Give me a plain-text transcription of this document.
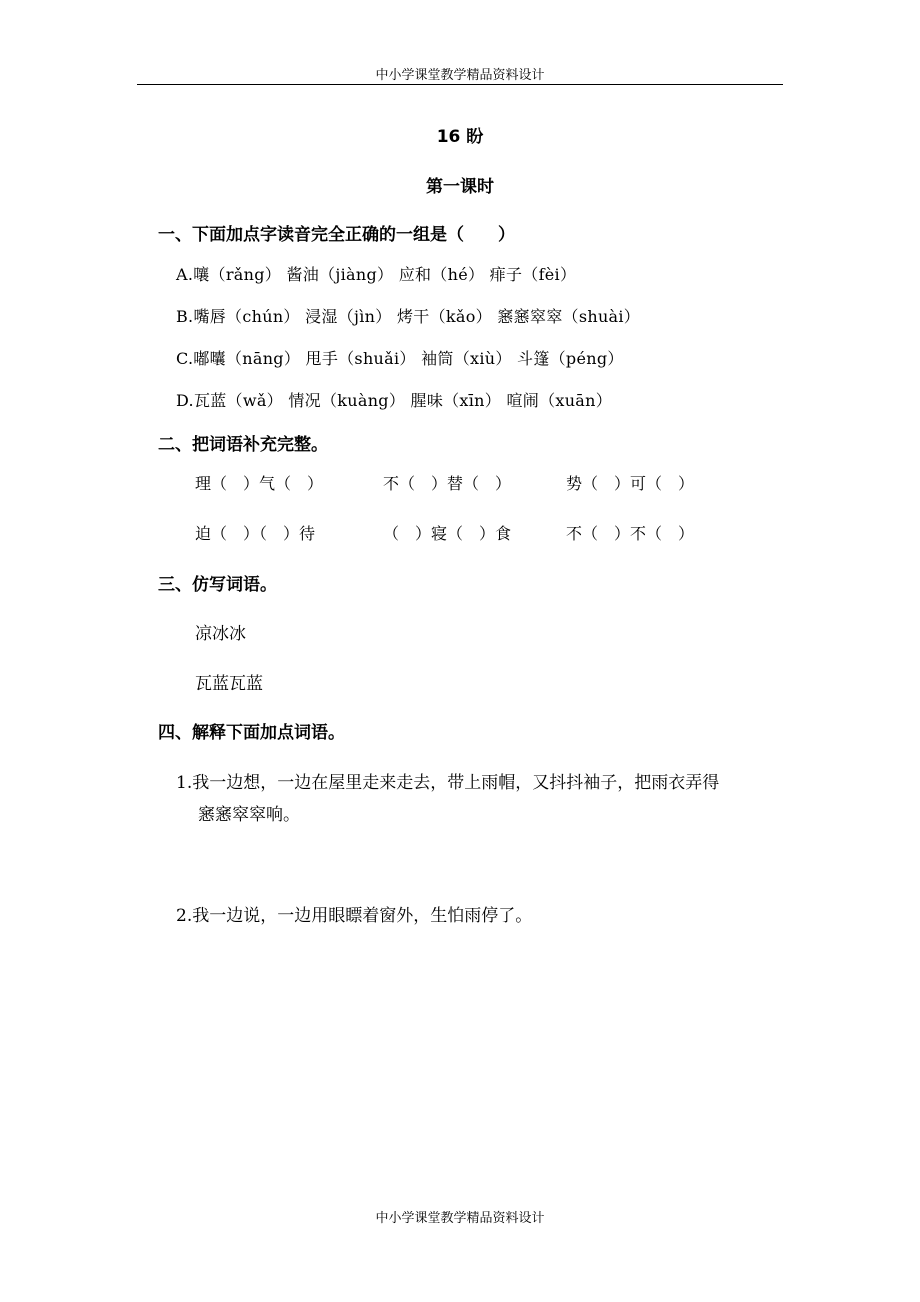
中小学课堂教学精品资料设计
16 盼
第一课时
一、下面加点字读音完全正确的一组是（　　）
A.嚷（rǎng） 酱油（jiàng） 应和（hé） 痱子（fèi）
B.嘴唇（chún） 浸湿（jìn） 烤干（kǎo） 窸窸窣窣（shuài）
C.嘟囔（nāng） 甩手（shuǎi） 袖筒（xiù） 斗篷（péng）
D.瓦蓝（wǎ） 情况（kuàng） 腥味（xīn） 喧闹（xuān）
二、把词语补充完整。
理（　）气（　）	不（　）替（　）	势（　）可（　）
迫（　）（　）待	（　）寝（　）食	不（　）不（　）
三、仿写词语。
凉冰冰
瓦蓝瓦蓝
四、解释下面加点词语。
1.我一边想，一边在屋里走来走去，带上雨帽，又抖抖袖子，把雨衣弄得
窸窸窣窣响。
2.我一边说，一边用眼瞟着窗外，生怕雨停了。
中小学课堂教学精品资料设计
